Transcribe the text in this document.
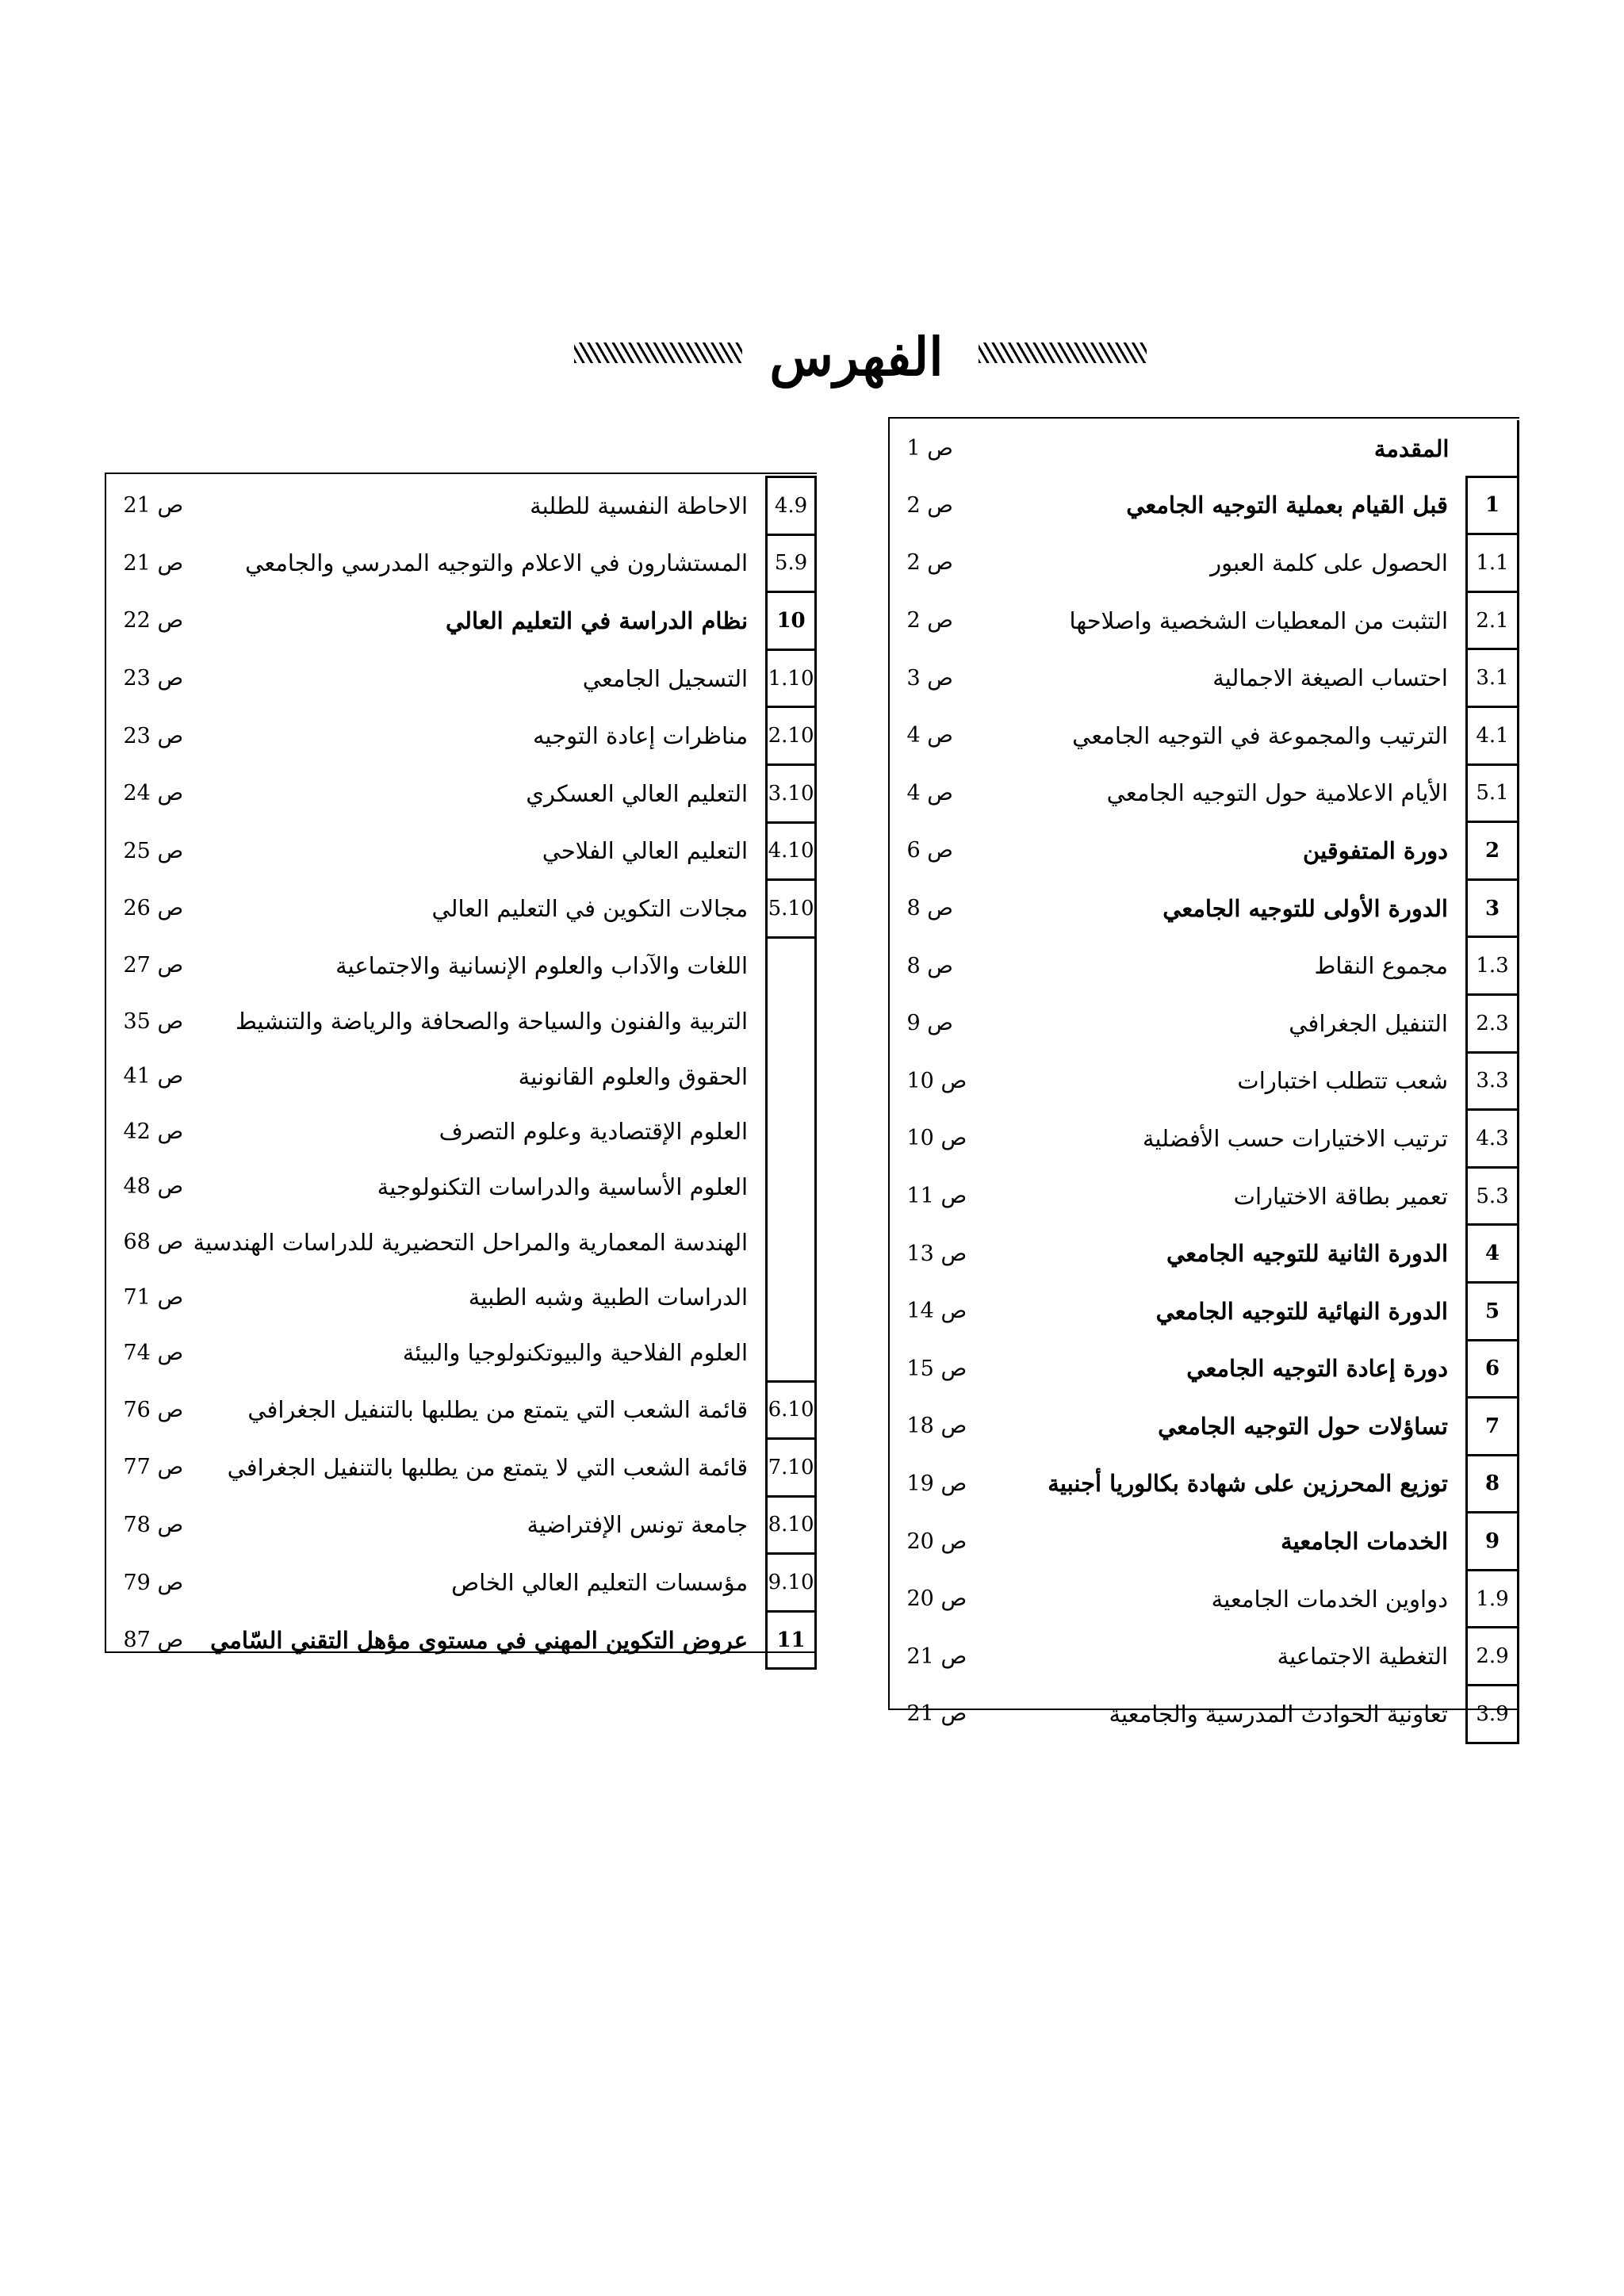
الفهرس
	المقدمة	ص 1
1	قبل القيام بعملية التوجيه الجامعي	ص 2
1.1	الحصول على كلمة العبور	ص 2
2.1	التثبت من المعطيات الشخصية واصلاحها	ص 2
3.1	احتساب الصيغة الاجمالية	ص 3
4.1	الترتيب والمجموعة في التوجيه الجامعي	ص 4
5.1	الأيام الاعلامية حول التوجيه الجامعي	ص 4
2	دورة المتفوقين	ص 6
3	الدورة الأولى للتوجيه الجامعي	ص 8
1.3	مجموع النقاط	ص 8
2.3	التنفيل الجغرافي	ص 9
3.3	شعب تتطلب اختبارات	ص 10
4.3	ترتيب الاختيارات حسب الأفضلية	ص 10
5.3	تعمير بطاقة الاختيارات	ص 11
4	الدورة الثانية للتوجيه الجامعي	ص 13
5	الدورة النهائية للتوجيه الجامعي	ص 14
6	دورة إعادة التوجيه الجامعي	ص 15
7	تساؤلات حول التوجيه الجامعي	ص 18
8	توزيع المحرزين على شهادة بكالوريا أجنبية	ص 19
9	الخدمات الجامعية	ص 20
1.9	دواوين الخدمات الجامعية	ص 20
2.9	التغطية الاجتماعية	ص 21
3.9	تعاونية الحوادث المدرسية والجامعية	ص 21
4.9	الاحاطة النفسية للطلبة	ص 21
5.9	المستشارون في الاعلام والتوجيه المدرسي والجامعي	ص 21
10	نظام الدراسة في التعليم العالي	ص 22
1.10	التسجيل الجامعي	ص 23
2.10	مناظرات إعادة التوجيه	ص 23
3.10	التعليم العالي العسكري	ص 24
4.10	التعليم العالي الفلاحي	ص 25
5.10	مجالات التكوين في التعليم العالي	ص 26
	اللغات والآداب والعلوم الإنسانية والاجتماعية	ص 27
	التربية والفنون والسياحة والصحافة والرياضة والتنشيط	ص 35
	الحقوق والعلوم القانونية	ص 41
	العلوم الإقتصادية وعلوم التصرف	ص 42
	العلوم الأساسية والدراسات التكنولوجية	ص 48
	الهندسة المعمارية والمراحل التحضيرية للدراسات الهندسية	ص 68
	الدراسات الطبية وشبه الطبية	ص 71
	العلوم الفلاحية والبيوتكنولوجيا والبيئة	ص 74
6.10	قائمة الشعب التي يتمتع من يطلبها بالتنفيل الجغرافي	ص 76
7.10	قائمة الشعب التي لا يتمتع من يطلبها بالتنفيل الجغرافي	ص 77
8.10	جامعة تونس الإفتراضية	ص 78
9.10	مؤسسات التعليم العالي الخاص	ص 79
11	عروض التكوين المهني في مستوى مؤهل التقني السّامي	ص 87
